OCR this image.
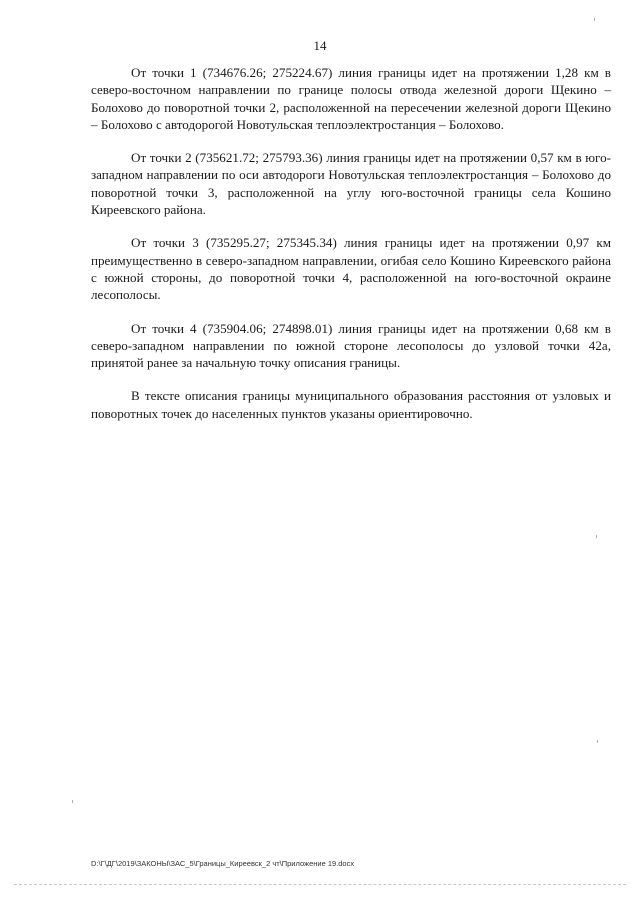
14

От точки 1 (734676.26; 275224.67) линия границы идет на протяжении 1,28 км в северо-восточном направлении по границе полосы отвода железной дороги Щекино – Болохово до поворотной точки 2, расположенной на пересечении железной дороги Щекино – Болохово с автодорогой Новотульская теплоэлектростанция – Болохово.

От точки 2 (735621.72; 275793.36) линия границы идет на протяжении 0,57 км в юго-западном направлении по оси автодороги Новотульская теплоэлектростанция – Болохово до поворотной точки 3, расположенной на углу юго-восточной границы села Кошино Киреевского района.

От точки 3 (735295.27; 275345.34) линия границы идет на протяжении 0,97 км преимущественно в северо-западном направлении, огибая село Кошино Киреевского района с южной стороны, до поворотной точки 4, расположенной на юго-восточной окраине лесополосы.

От точки 4 (735904.06; 274898.01) линия границы идет на протяжении 0,68 км в северо-западном направлении по южной стороне лесополосы до узловой точки 42а, принятой ранее за начальную точку описания границы.

В тексте описания границы муниципального образования расстояния от узловых и поворотных точек до населенных пунктов указаны ориентировочно.

D:\Г\ДГ\2019\ЗАКОНЫ\ЗАС_5\Границы_Киреевск_2 чт\Приложение 19.docx
